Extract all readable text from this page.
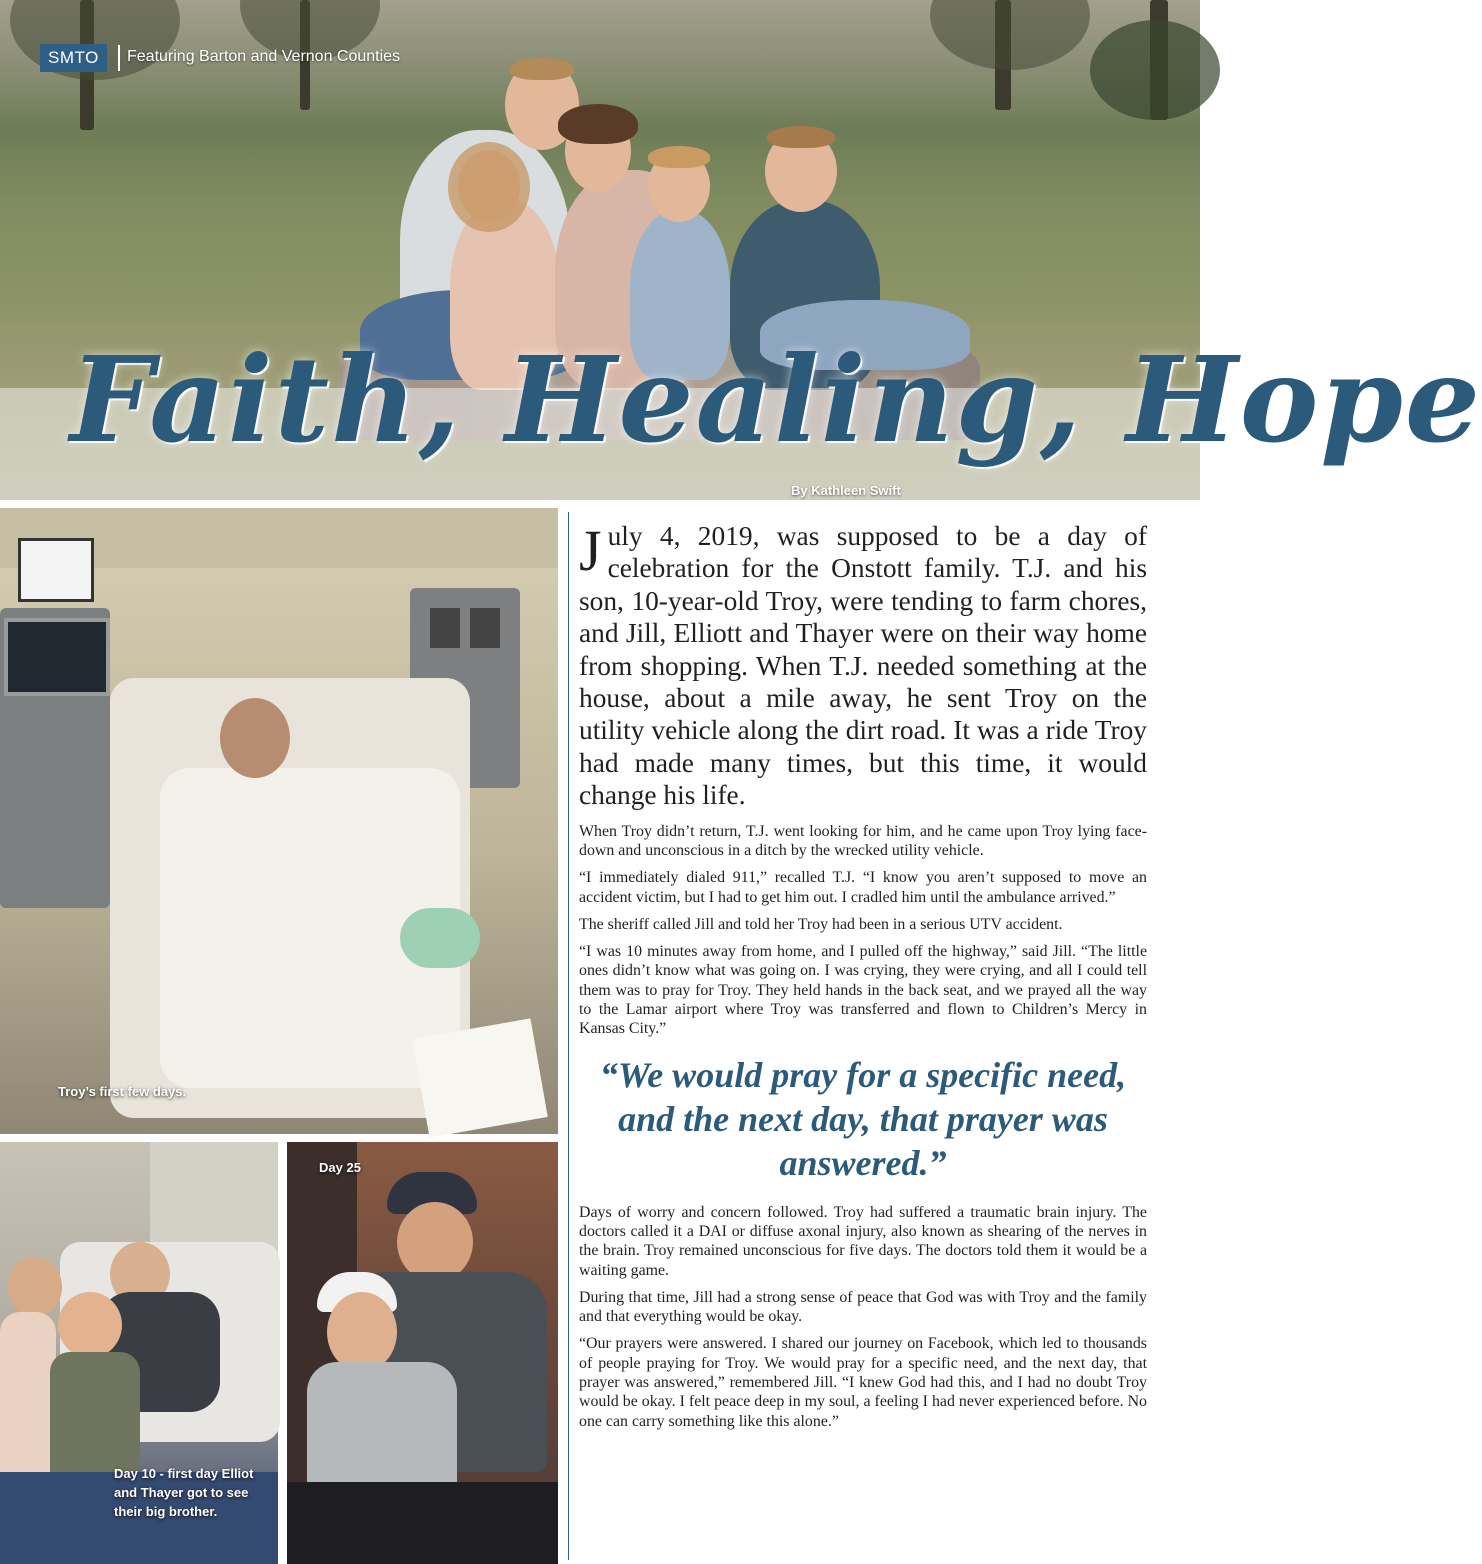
SMTO	Featuring Barton and Vernon Counties
Faith, Healing, Hope
By Kathleen Swift
Troy’s first few days.
Day 10 - first day Elliot
and Thayer got to see
their big brother.
Day 25

July 4, 2019, was supposed to be a day of celebration for the Onstott family. T.J. and his son, 10-year-old Troy, were tending to farm chores, and Jill, Elliott and Thayer were on their way home from shopping. When T.J. needed something at the house, about a mile away, he sent Troy on the utility vehicle along the dirt road. It was a ride Troy had made many times, but this time, it would change his life.

When Troy didn’t return, T.J. went looking for him, and he came upon Troy lying face-down and unconscious in a ditch by the wrecked utility vehicle.

“I immediately dialed 911,” recalled T.J. “I know you aren’t supposed to move an accident victim, but I had to get him out. I cradled him until the ambulance arrived.”

The sheriff called Jill and told her Troy had been in a serious UTV accident.

“I was 10 minutes away from home, and I pulled off the highway,” said Jill. “The little ones didn’t know what was going on. I was crying, they were crying, and all I could tell them was to pray for Troy. They held hands in the back seat, and we prayed all the way to the Lamar airport where Troy was transferred and flown to Children’s Mercy in Kansas City.”

“We would pray for a specific need, and the next day, that prayer was answered.”

Days of worry and concern followed. Troy had suffered a traumatic brain injury. The doctors called it a DAI or diffuse axonal injury, also known as shearing of the nerves in the brain. Troy remained unconscious for five days. The doctors told them it would be a waiting game.

During that time, Jill had a strong sense of peace that God was with Troy and the family and that everything would be okay.

“Our prayers were answered. I shared our journey on Facebook, which led to thousands of people praying for Troy. We would pray for a specific need, and the next day, that prayer was answered,” remembered Jill. “I knew God had this, and I had no doubt Troy would be okay. I felt peace deep in my soul, a feeling I had never experienced before. No one can carry something like this alone.”
